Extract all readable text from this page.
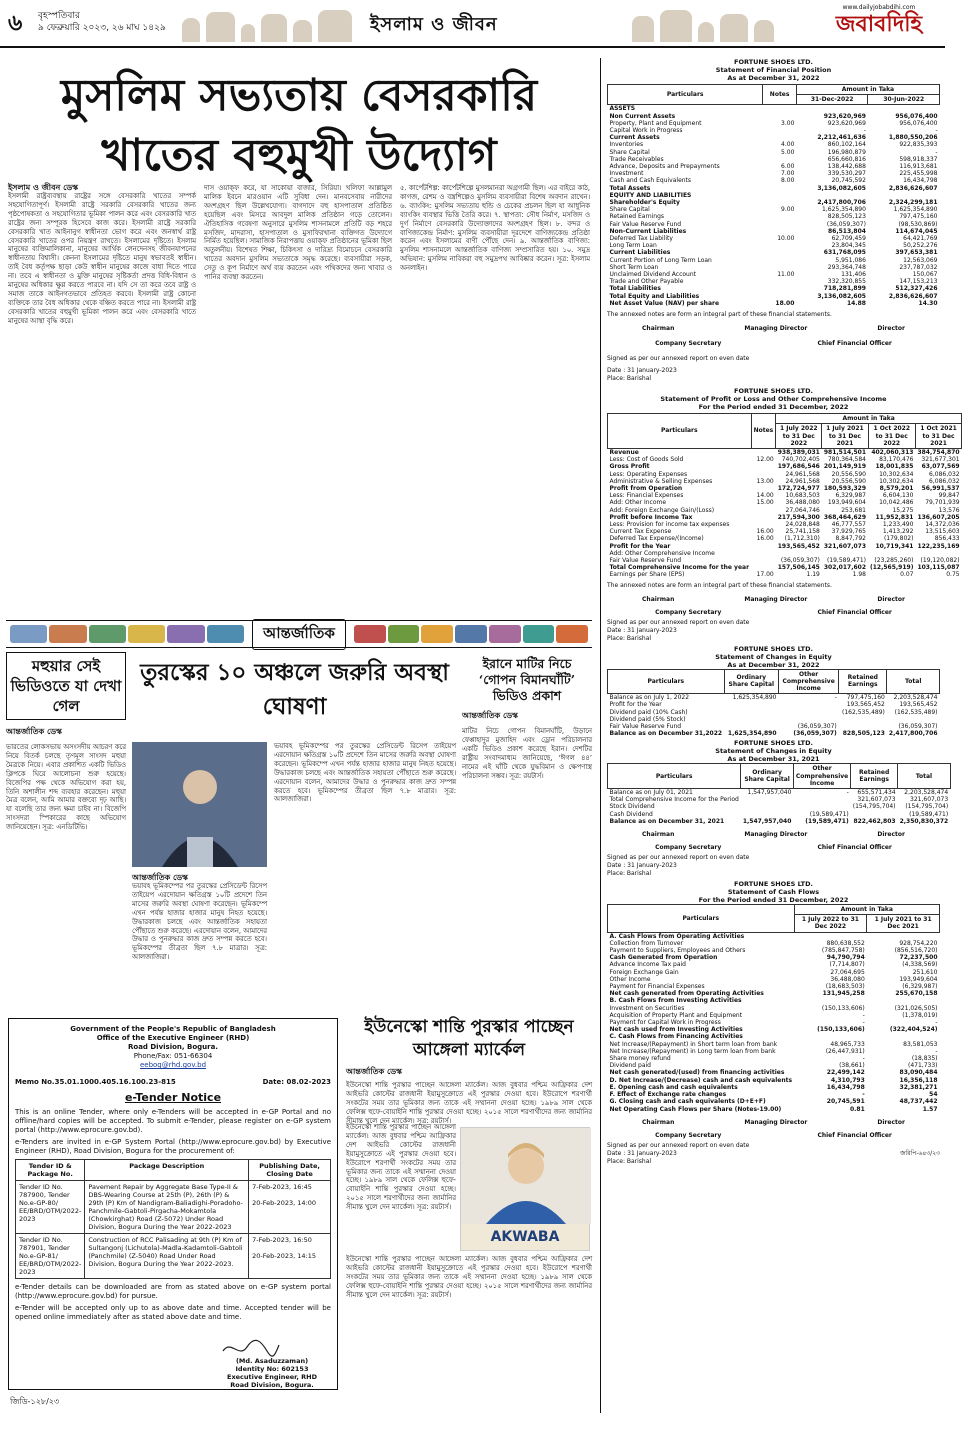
৬ বৃহস্পতিবার
৯ ফেব্রুয়ারি ২০২৩, ২৬ মাঘ ১৪২৯	ইসলাম ও জীবন
www.dailyjobabdihi.com
জবাবদিহি
মুসলিম সভ্যতায় বেসরকারি
খাতের বহুমুখী উদ্যোগ
ইসলাম ও জীবন ডেস্ক
ইসলামী রাষ্ট্রব্যবস্থায় রাষ্ট্রের সঙ্গে বেসরকারি খাতের সম্পর্ক সহযোগিতাপূর্ণ। ইসলামী রাষ্ট্রে সরকারি বেসরকারি খাতের জন্য পৃষ্ঠপোষকতা ও সহযোগিতার ভূমিকা পালন করে এবং বেসরকারি খাত রাষ্ট্রের জন্য সম্পূরক হিসেবে কাজ করে। ইসলামী রাষ্ট্রে সরকারি বেসরকারি খাত আইনানুগ স্বাধীনতা ভোগ করে এবং জনস্বার্থ রাষ্ট্র বেসরকারি খাতের ওপর নিয়ন্ত্রণ রাখতে। ইসলামের দৃষ্টিতে। ইসলাম মানুষের ব্যক্তিমালিকানা, মানুষের আর্থিক লেনদেনসহ জীবনযাপনের স্বাধীনতায় বিশ্বাসী। কেননা ইসলামের দৃষ্টিতে মানুষ স্বভাবতই স্বাধীন। তাই বৈধ কর্তৃপক্ষ ছাড়া কেউ স্বাধীন মানুষের কাজে বাধা দিতে পারে না। তবে এ স্বাধীনতা ও মুক্তি মানুষের সৃষ্টিকর্তা প্রদত্ত বিধি-বিধান ও মানুষের অধিকার ক্ষুণ্ণ করতে পারবে না। যদি সে তা করে তবে রাষ্ট্র ও সমাজ তাকে আইনগতভাবে প্রতিহত করবে। ইসলামী রাষ্ট্র কোনো ব্যক্তিকে তার বৈধ অধিকার থেকে বঞ্চিত করতে পারে না। ইসলামী রাষ্ট্র বেসরকারি খাতের বহুমুখী ভূমিকা পালন করে এবং বেসরকারি খাতে মানুষের আস্থা বৃদ্ধি করে।
দাস ওয়াক্ফ করে, যা সাকোয়া বাজার, সিরিয়া। খলিফা আল্লামুল মালিক ইবনে মারওয়ান এটি সুবিধা দেন। মানবসেবায় নারীদের অংশগ্রহণ ছিল উল্লেখযোগ্য। বাগদাদে বহু হাসপাতাল প্রতিষ্ঠিত হয়েছিল এবং মিসরে আবদুল মালিক প্রতিষ্ঠান গড়ে তোলেন। ঐতিহাসিক গবেষণা অনুসারে মুসলিম শাসনামলে প্রতিটি বড় শহরে মসজিদ, মাদরাসা, হাসপাতাল ও মুসাফিরখানা ব্যক্তিগত উদ্যোগে নির্মিত হয়েছিল। সামাজিক নিরাপত্তায় ওয়াক্ফ প্রতিষ্ঠানের ভূমিকা ছিল অতুলনীয়। বিশেষত শিক্ষা, চিকিৎসা ও দারিদ্র্য বিমোচনে বেসরকারি খাতের অবদান মুসলিম সভ্যতাকে সমৃদ্ধ করেছে। ব্যবসায়ীরা সড়ক, সেতু ও কূপ নির্মাণে অর্থ ব্যয় করতেন এবং পথিকদের জন্য খাবার ও পানির ব্যবস্থা করতেন।
৫. কার্পেটশিল্প: কার্পেটশিল্পে মুসলমানরা অগ্রগামী ছিল। এর বাইরে কাঠ, কাগজ, রেশম ও বস্ত্রশিল্পেও মুসলিম ব্যবসায়ীরা বিশেষ অবদান রাখেন। ৬. ব্যাংকিং: মুসলিম সভ্যতায় হুন্ডি ও চেকের প্রচলন ছিল যা আধুনিক ব্যাংকিং ব্যবস্থার ভিত্তি তৈরি করে। ৭. স্থাপত্য: সৌধ নির্মাণ, মসজিদ ও দুর্গ নির্মাণে বেসরকারি উদ্যোক্তাদের অংশগ্রহণ ছিল। ৮. বন্দর ও বাণিজ্যকেন্দ্র নির্মাণ: মুসলিম ব্যবসায়ীরা দূরদেশে বাণিজ্যকেন্দ্র প্রতিষ্ঠা করেন এবং ইসলামের বাণী পৌঁছে দেন। ৯. আন্তর্জাতিক বাণিজ্য: মুসলিম শাসনামলে আন্তর্জাতিক বাণিজ্য সম্প্রসারিত হয়। ১০. সমুদ্র অভিযান: মুসলিম নাবিকরা বহু সমুদ্রপথ আবিষ্কার করেন। সূত্র: ইসলাম অনলাইন।
আন্তর্জাতিক
মহুয়ার সেই ভিডিওতে যা দেখা গেল
আন্তর্জাতিক ডেস্ক
ভারতের লোকসভায় অসংসদীয় আচরণ করে নিয়ে বিতর্ক চলছে তৃণমূল সাংসদ মহুয়া মৈত্রকে নিয়ে। এবার প্রকাশিত একটি ভিডিও ক্লিপকে ঘিরে আলোচনা শুরু হয়েছে। বিজেপির পক্ষ থেকে অভিযোগ করা হয়, তিনি অশালীন শব্দ ব্যবহার করেছেন। মহুয়া মৈত্র বলেন, আমি আমার বক্তব্যে দৃঢ় আছি। যা বলেছি তার জন্য ক্ষমা চাইব না। বিজেপি সাংসদরা স্পিকারের কাছে অভিযোগ জানিয়েছেন। সূত্র: এনডিটিভি।
তুরস্কের ১০ অঞ্চলে জরুরি অবস্থা ঘোষণা
আন্তর্জাতিক ডেস্ক
ভয়াবহ ভূমিকম্পের পর তুরস্কের প্রেসিডেন্ট রিসেপ তাইয়েপ এরদোয়ান ক্ষতিগ্রস্ত ১০টি প্রদেশে তিন মাসের জরুরি অবস্থা ঘোষণা করেছেন। ভূমিকম্পে এখন পর্যন্ত হাজার হাজার মানুষ নিহত হয়েছে। উদ্ধারকাজ চলছে এবং আন্তর্জাতিক সহায়তা পৌঁছাতে শুরু করেছে। এরদোয়ান বলেন, আমাদের উদ্ধার ও পুনরুদ্ধার কাজ দ্রুত সম্পন্ন করতে হবে। ভূমিকম্পের তীব্রতা ছিল ৭.৮ মাত্রার। সূত্র: আলজাজিরা।
ভয়াবহ ভূমিকম্পের পর তুরস্কের প্রেসিডেন্ট রিসেপ তাইয়েপ এরদোয়ান ক্ষতিগ্রস্ত ১০টি প্রদেশে তিন মাসের জরুরি অবস্থা ঘোষণা করেছেন। ভূমিকম্পে এখন পর্যন্ত হাজার হাজার মানুষ নিহত হয়েছে। উদ্ধারকাজ চলছে এবং আন্তর্জাতিক সহায়তা পৌঁছাতে শুরু করেছে। এরদোয়ান বলেন, আমাদের উদ্ধার ও পুনরুদ্ধার কাজ দ্রুত সম্পন্ন করতে হবে। ভূমিকম্পের তীব্রতা ছিল ৭.৮ মাত্রার। সূত্র: আলজাজিরা।
ইরানে মাটির নিচে ‘গোপন বিমানঘাঁটি’ ভিডিও প্রকাশ
আন্তর্জাতিক ডেস্ক
মাটির নিচে গোপন বিমানঘাঁটি, উড়ানে ফেপ্পাহাদুর মুজাহিদ এবং ড্রোন পরিচালনার একটি ভিডিও প্রকাশ করেছে ইরান। দেশটির রাষ্ট্রীয় সংবাদমাধ্যম জানিয়েছে, ‘ঈগল ৪৪’ নামের এই ঘাঁটি থেকে যুদ্ধবিমান ও ক্ষেপণাস্ত্র পরিচালনা সম্ভব। সূত্র: রয়টার্স।
Government of the People's Republic of Bangladesh
Office of the Executive Engineer (RHD)
Road Division, Bogura.
Phone/Fax: 051-66304
eebog@rhd.gov.bd
Memo No.35.01.1000.405.16.100.23-815	Date: 08.02-2023
e-Tender Notice
This is an online Tender, where only e-Tenders will be accepted in e-GP Portal and no offline/hard copies will be accepted. To submit e-Tender, please register on e-GP system portal (http://www.eprocure.gov.bd).
e-Tenders are invited in e-GP System Portal (http://www.eprocure.gov.bd) by Executive Engineer (RHD), Road Division, Bogura for the procurement of:
Tender ID & Package No.	Package Description	Publishing Date, Closing Date
Tender ID No. 787900, Tender No.e-GP-80/ EE/BRD/OTM/2022-2023	Pavement Repair by Aggregate Base Type-II & DBS-Wearing Course at 25th (P), 26th (P) & 29th (P) Km of Nandigram-Baliadighi-Poradoho-Panchmile-Gabtoli-Pirgacha-Mokamtola (Chowkirghat) Road (Z-5072) Under Road Division, Bogura During the Year 2022-2023	7-Feb-2023, 16:45
20-Feb-2023, 14:00

Tender ID No. 787901, Tender No.e-GP-81/ EE/BRD/OTM/2022-2023	Construction of RCC Palisading at 9th (P) Km of Sultangonj (Lichutola)-Madla-Kadamtoli-Gabtoli (Panchmile) (Z-5040) Road Under Road Division, Bogura During the Year 2022-2023.	7-Feb-2023, 16:50
20-Feb-2023, 14:15
e-Tender details can be downloaded are from as stated above on e-GP system portal (http://www.eprocure.gov.bd) for pursue.
e-Tender will be accepted only up to as above date and time. Accepted tender will be opened online immediately after as stated above date and time.
(Md. Asaduzzaman)
Identity No: 602153
Executive Engineer, RHD
Road Division, Bogura.
জিডি-১২৮/২৩
ইউনেস্কো শান্তি পুরস্কার পাচ্ছেন আঙ্গেলা ম্যার্কেল
আন্তর্জাতিক ডেস্ক
ইউনেস্কো শান্তি পুরস্কার পাচ্ছেন আঙ্গেলা ম্যার্কেল। আজ বুধবার পশ্চিম আফ্রিকার দেশ আইভরি কোস্টের রাজধানী ইয়ামুসুক্রোতে এই পুরস্কার দেওয়া হবে। ইউরোপে শরণার্থী সংকটের সময় তার ভূমিকার জন্য তাকে এই সম্মাননা দেওয়া হচ্ছে। ১৯৮৯ সাল থেকে ফেলিক্স হুফে-বোয়াইনি শান্তি পুরস্কার দেওয়া হচ্ছে। ২০১৫ সালে শরণার্থীদের জন্য জার্মানির সীমান্ত খুলে দেন ম্যার্কেল। সূত্র: রয়টার্স।
ইউনেস্কো শান্তি পুরস্কার পাচ্ছেন আঙ্গেলা ম্যার্কেল। আজ বুধবার পশ্চিম আফ্রিকার দেশ আইভরি কোস্টের রাজধানী ইয়ামুসুক্রোতে এই পুরস্কার দেওয়া হবে। ইউরোপে শরণার্থী সংকটের সময় তার ভূমিকার জন্য তাকে এই সম্মাননা দেওয়া হচ্ছে। ১৯৮৯ সাল থেকে ফেলিক্স হুফে-বোয়াইনি শান্তি পুরস্কার দেওয়া হচ্ছে। ২০১৫ সালে শরণার্থীদের জন্য জার্মানির সীমান্ত খুলে দেন ম্যার্কেল। সূত্র: রয়টার্স।
AKWABA
ইউনেস্কো শান্তি পুরস্কার পাচ্ছেন আঙ্গেলা ম্যার্কেল। আজ বুধবার পশ্চিম আফ্রিকার দেশ আইভরি কোস্টের রাজধানী ইয়ামুসুক্রোতে এই পুরস্কার দেওয়া হবে। ইউরোপে শরণার্থী সংকটের সময় তার ভূমিকার জন্য তাকে এই সম্মাননা দেওয়া হচ্ছে। ১৯৮৯ সাল থেকে ফেলিক্স হুফে-বোয়াইনি শান্তি পুরস্কার দেওয়া হচ্ছে। ২০১৫ সালে শরণার্থীদের জন্য জার্মানির সীমান্ত খুলে দেন ম্যার্কেল। সূত্র: রয়টার্স।
FORTUNE SHOES LTD.
Statement of Financial Position
As at December 31, 2022
Particulars	Notes	Amount in Taka	
		31-Dec-2022	30-Jun-2022
ASSETS			
Non Current Assets		923,620,969	956,076,400
Property, Plant and Equipment	3.00	923,620,969	956,076,400
Capital Work in Progress		-	-

Current Assets		2,212,461,636	1,880,550,206
Inventories	4.00	860,102,164	922,835,393
Share Capital	5.00	196,980,879	-
Trade Receivables		656,660,816	598,918,337
Advance, Deposits and Prepayments	6.00	138,442,688	116,913,681
Investment	7.00	339,530,297	225,455,998
Cash and Cash Equivalents	8.00	20,745,592	16,434,798
Total Assets		3,136,082,605	2,836,626,607

EQUITY AND LIABILITIES			
Shareholder's Equity		2,417,800,706	2,324,299,181
Share Capital	9.00	1,625,354,890	1,625,354,890
Retained Earnings		828,505,123	797,475,160
Fair Value Reserve Fund		(36,059,307)	(98,530,869)

Non-Current Liabilities		86,513,804	114,674,045
Deferred Tax Liability	10.00	62,709,459	64,421,769
Long Term Loan		23,804,345	50,252,276

Current Liabilities		631,768,095	397,653,381
Current Portion of Long Term Loan		5,951,086	12,563,069
Short Term Loan		293,364,748	237,787,032
Unclaimed Dividend Account	11.00	131,406	150,067
Trade and Other Payable		332,320,855	147,153,213
Total Liabilities		718,281,899	512,327,426
Total Equity and Liabilities		3,136,082,605	2,836,626,607

Net Asset Value (NAV) per share	18.00	14.88	14.30
The annexed notes are form an integral part of these financial statements.
Chairman	Managing Director	Director
Company Secretary	Chief Financial Officer
Signed as per our annexed report on even date
Date : 31 January-2023
Place: Barishal
FORTUNE SHOES LTD.
Statement of Profit or Loss and Other Comprehensive Income
For the Period ended 31 December, 2022
Particulars	Notes	Amount in Taka			
		1 July 2022 to 31 Dec 2022	1 July 2021 to 31 Dec 2021	1 Oct 2022 to 31 Dec 2022	1 Oct 2021 to 31 Dec 2021
Revenue		938,389,031	981,514,501	402,060,313	384,754,870
Less: Cost of Goods Sold	12.00	740,702,405	780,364,584	83,170,476	321,677,301
Gross Profit		197,686,546	201,149,919	18,001,835	63,077,569
Less: Operating Expenses		24,961,568	20,556,590	10,302,634	6,086,032
Administrative & Selling Expenses	13.00	24,961,568	20,556,590	10,302,634	6,086,032
Profit from Operation		172,724,977	180,593,329	8,579,201	56,991,537
Less: Financial Expenses	14.00	10,683,503	6,329,987	6,604,130	99,847
Add: Other Income	15.00	36,488,080	193,949,604	10,042,486	79,701,939
Add: Foreign Exchange Gain/(Loss)		27,064,746	253,681	15,275	13,576
Profit before Income Tax		217,594,300	368,464,629	11,952,831	136,607,205
Less: Provision for income tax expenses		24,028,848	46,777,557	1,233,490	14,372,036
Current Tax Expense	16.00	25,741,158	37,929,765	1,413,292	13,515,603
Deferred Tax Expense/(Income)	16.00	(1,712,310)	8,847,792	(179,802)	856,433
Profit for the Year		193,565,452	321,607,073	10,719,341	122,235,169
Add: Other Comprehensive Income					
Fair Value Reserve Fund		(36,059,307)	(19,589,471)	(23,285,260)	(19,120,082)
Total Comprehensive Income for the year		157,506,145	302,017,602	(12,565,919)	103,115,087
Earnings per Share (EPS)	17.00	1.19	1.98	0.07	0.75
The annexed notes are form an integral part of these financial statements.
Chairman	Managing Director	Director
Company Secretary	Chief Financial Officer
Signed as per our annexed report on even date
Date : 31 January-2023
Place: Barishal
FORTUNE SHOES LTD.
Statement of Changes in Equity
As at December 31, 2022
Particulars	Ordinary Share Capital	Other Comprehensive Income	Retained Earnings	Total
Balance as on July 1, 2022	1,625,354,890	-	797,475,160	2,203,528,474
Profit for the Year			193,565,452	193,565,452
Dividend paid (10% Cash)			(162,535,489)	(162,535,489)
Dividend paid (5% Stock)				
Fair Value Reserve Fund		(36,059,307)		(36,059,307)
Balance as on December 31,2022	1,625,354,890	(36,059,307)	828,505,123	2,417,800,706
FORTUNE SHOES LTD.
Statement of Changes in Equity
As at December 31, 2021
Particulars	Ordinary Share Capital	Other Comprehensive Income	Retained Earnings	Total
Balance as on July 01, 2021	1,547,957,040	-	655,571,434	2,203,528,474
Total Comprehensive Income for the Period			321,607,073	321,607,073
Stock Dividend			(154,795,704)	(154,795,704)
Cash Dividend		(19,589,471)		(19,589,471)
Balance as on December 31, 2021	1,547,957,040	(19,589,471)	822,462,803	2,350,830,372
Chairman	Managing Director	Director
Company Secretary	Chief Financial Officer
Signed as per our annexed report on even date
Date : 31 January-2023
Place: Barishal
FORTUNE SHOES LTD.
Statement of Cash Flows
For the Period ended 31 December, 2022
Particulars	Amount in Taka	
	1 July 2022 to 31 Dec 2022	1 July 2021 to 31 Dec 2021
A. Cash Flows from Operating Activities		
Collection from Turnover	880,638,552	928,754,220
Payment to Suppliers, Employees and Others	(785,847,758)	(856,516,720)
Cash Generated from Operation	94,790,794	72,237,500
Advance Income Tax paid	(7,714,807)	(4,338,569)
Foreign Exchange Gain	27,064,695	251,610
Other Income	36,488,080	193,949,604
Payment for Financial Expenses	(18,683,503)	(6,329,987)
Net cash generated from Operating Activities	131,945,258	255,670,158
B. Cash Flows from Investing Activities		
Investment on Securities	(150,133,606)	(321,026,505)
Acquisition of Property Plant and Equipment	-	(1,378,019)
Payment for Capital Work in Progress	-	-
Net cash used from Investing Activities	(150,133,606)	(322,404,524)
C. Cash Flows from Financing Activities		
Net Increase/(Repayment) in Short term loan from bank	48,965,733	83,581,053
Net Increase/(Repayment) in Long term loan from bank	(26,447,931)	-
Share money refund	-	(18,835)
Dividend paid	(38,661)	(471,733)
Net cash generated/(used) from financing activities	22,499,142	83,090,484
D. Net Increase/(Decrease) cash and cash equivalents	4,310,793	16,356,118
E. Opening cash and cash equivalents	16,434,798	32,381,271
F. Effect of Exchange rate changes	-	54
G. Closing cash and cash equivalents (D+E+F)	20,745,591	48,737,442
Net Operating Cash Flows per Share (Notes-19.00)	0.81	1.57
Chairman	Managing Director	Director
Company Secretary	Chief Financial Officer
Signed as per our annexed report on even date
Date : 31 January-2023	জরিপি-৬৪৩/২৩
Place: Barishal
